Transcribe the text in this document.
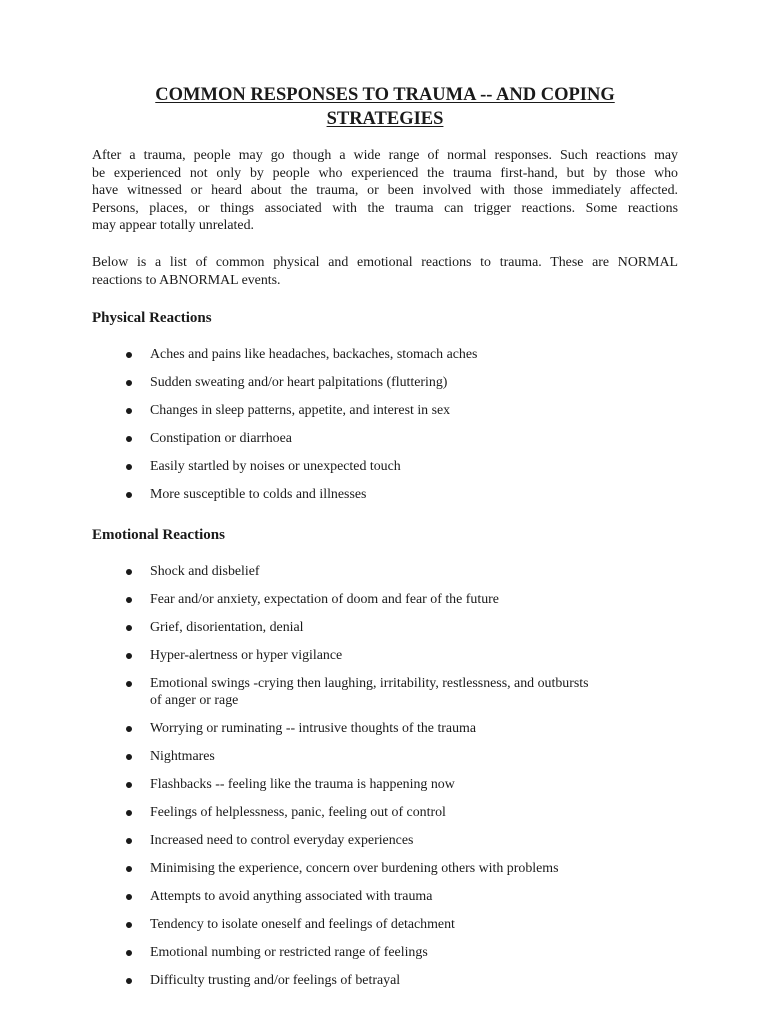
COMMON RESPONSES TO TRAUMA -- AND COPING
STRATEGIES

After a trauma, people may go though a wide range of normal responses. Such reactions may
be experienced not only by people who experienced the trauma first-hand, but by those who
have witnessed or heard about the trauma, or been involved with those immediately affected.
Persons, places, or things associated with the trauma can trigger reactions. Some reactions
may appear totally unrelated.

Below is a list of common physical and emotional reactions to trauma. These are NORMAL
reactions to ABNORMAL events.

Physical Reactions
Aches and pains like headaches, backaches, stomach aches
Sudden sweating and/or heart palpitations (fluttering)
Changes in sleep patterns, appetite, and interest in sex
Constipation or diarrhoea
Easily startled by noises or unexpected touch
More susceptible to colds and illnesses
Emotional Reactions
Shock and disbelief
Fear and/or anxiety, expectation of doom and fear of the future
Grief, disorientation, denial
Hyper-alertness or hyper vigilance
Emotional swings -crying then laughing, irritability, restlessness, and outbursts of anger or rage
Worrying or ruminating -- intrusive thoughts of the trauma
Nightmares
Flashbacks -- feeling like the trauma is happening now
Feelings of helplessness, panic, feeling out of control
Increased need to control everyday experiences
Minimising the experience, concern over burdening others with problems
Attempts to avoid anything associated with trauma
Tendency to isolate oneself and feelings of detachment
Emotional numbing or restricted range of feelings
Difficulty trusting and/or feelings of betrayal
